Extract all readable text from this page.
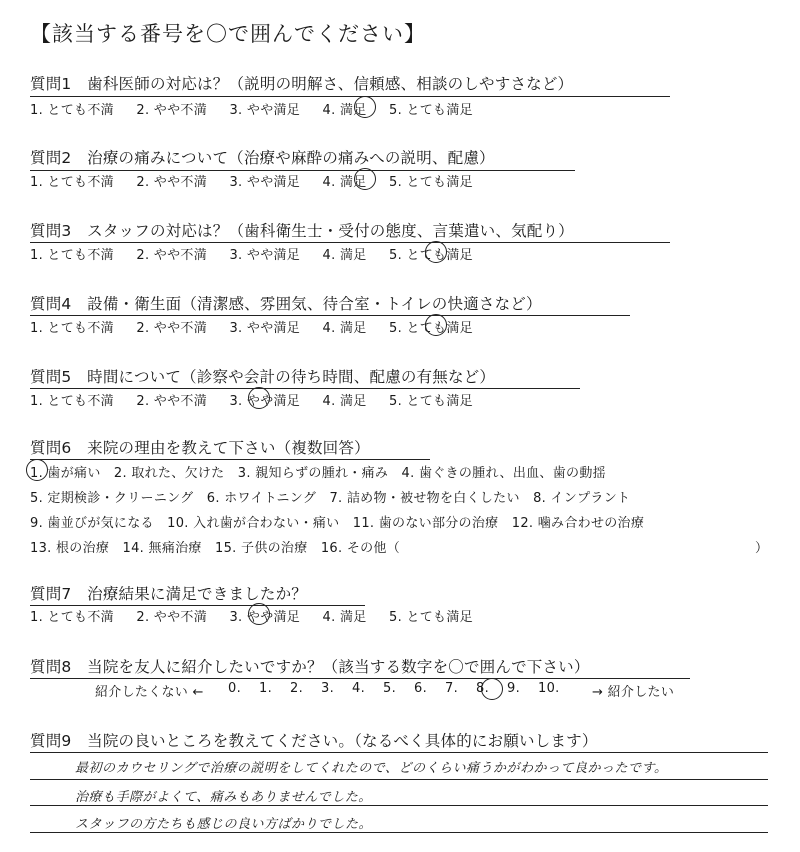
【該当する番号を〇で囲んでください】
質問1　歯科医師の対応は？（説明の明解さ、信頼感、相談のしやすさなど）
1. とても不満 2. やや不満 3. やや満足 4. 満足 5. とても満足
質問2　治療の痛みについて（治療や麻酔の痛みへの説明、配慮）
1. とても不満 2. やや不満 3. やや満足 4. 満足 5. とても満足
質問3　スタッフの対応は？（歯科衛生士・受付の態度、言葉遣い、気配り）
1. とても不満 2. やや不満 3. やや満足 4. 満足 5. とても満足
質問4　設備・衛生面（清潔感、雰囲気、待合室・トイレの快適さなど）
1. とても不満 2. やや不満 3. やや満足 4. 満足 5. とても満足
質問5　時間について（診察や会計の待ち時間、配慮の有無など）
1. とても不満 2. やや不満 3. やや満足 4. 満足 5. とても満足
質問6　来院の理由を教えて下さい（複数回答）
1. 歯が痛い　2. 取れた、欠けた　3. 親知らずの腫れ・痛み　4. 歯ぐきの腫れ、出血、歯の動揺
5. 定期検診・クリーニング　6. ホワイトニング　7. 詰め物・被せ物を白くしたい　8. インプラント
9. 歯並びが気になる　10. 入れ歯が合わない・痛い　11. 歯のない部分の治療　12. 噛み合わせの治療
13. 根の治療　14. 無痛治療　15. 子供の治療　16. その他（	）
質問7　治療結果に満足できましたか？
1. とても不満 2. やや不満 3. やや満足 4. 満足 5. とても満足
質問8　当院を友人に紹介したいですか？（該当する数字を〇で囲んで下さい）
紹介したくない ← 0. 1. 2. 3. 4. 5. 6. 7. 8. 9. 10.	→ 紹介したい
質問9　当院の良いところを教えてください。（なるべく具体的にお願いします）
最初のカウセリングで治療の説明をしてくれたので、どのくらい痛うかがわかって良かったです。
治療も手際がよくて、痛みもありませんでした。
スタッフの方たちも感じの良い方ばかりでした。
